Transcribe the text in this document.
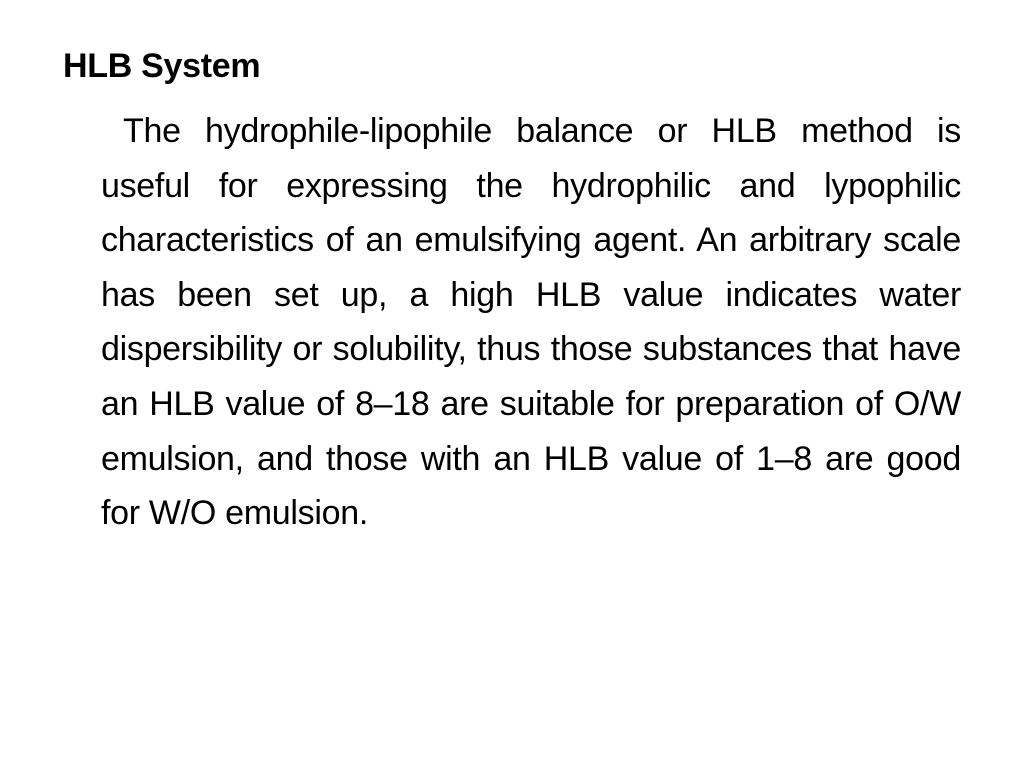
HLB System

The hydrophile-lipophile balance or HLB method is useful for expressing the hydrophilic and lypophilic characteristics of an emulsifying agent. An arbitrary scale has been set up, a high HLB value indicates water dispersibility or solubility, thus those substances that have an HLB value of 8–18 are suitable for preparation of O/W emulsion, and those with an HLB value of 1–8 are good for W/O emulsion.
